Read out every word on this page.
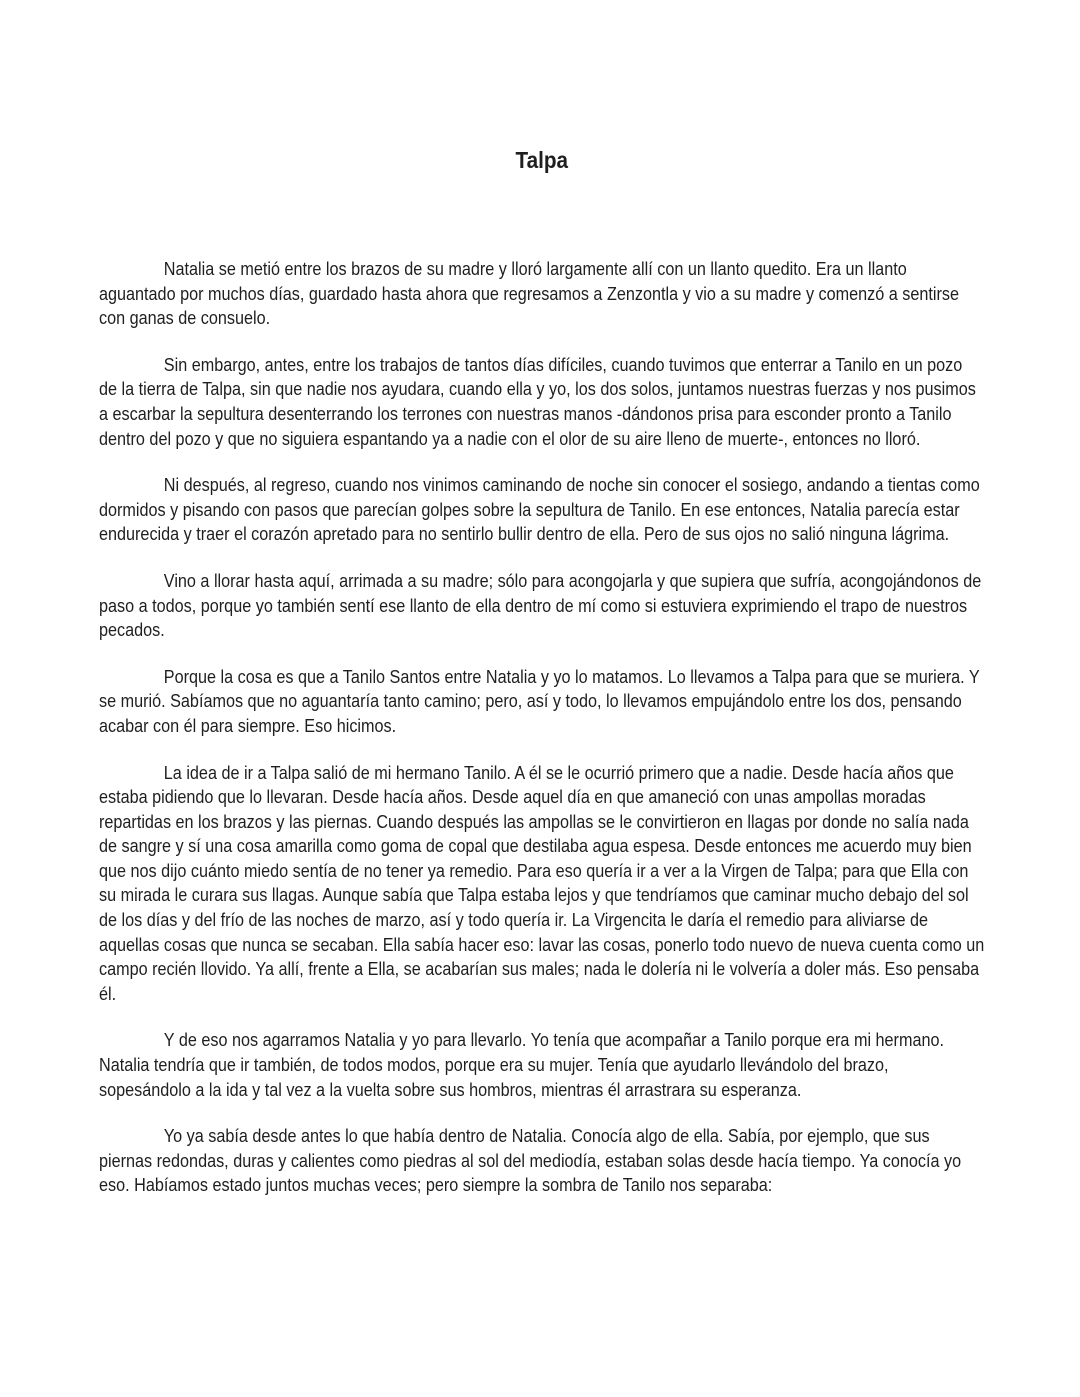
Talpa

Natalia se metió entre los brazos de su madre y lloró largamente allí con un llanto quedito. Era un llanto aguantado por muchos días, guardado hasta ahora que regresamos a Zenzontla y vio a su madre y comenzó a sentirse con ganas de consuelo.

Sin embargo, antes, entre los trabajos de tantos días difíciles, cuando tuvimos que enterrar a Tanilo en un pozo de la tierra de Talpa, sin que nadie nos ayudara, cuando ella y yo, los dos solos, juntamos nuestras fuerzas y nos pusimos a escarbar la sepultura desenterrando los terrones con nuestras manos -dándonos prisa para esconder pronto a Tanilo dentro del pozo y que no siguiera espantando ya a nadie con el olor de su aire lleno de muerte-, entonces no lloró.

Ni después, al regreso, cuando nos vinimos caminando de noche sin conocer el sosiego, andando a tientas como dormidos y pisando con pasos que parecían golpes sobre la sepultura de Tanilo. En ese entonces, Natalia parecía estar endurecida y traer el corazón apretado para no sentirlo bullir dentro de ella. Pero de sus ojos no salió ninguna lágrima.

Vino a llorar hasta aquí, arrimada a su madre; sólo para acongojarla y que supiera que sufría, acongojándonos de paso a todos, porque yo también sentí ese llanto de ella dentro de mí como si estuviera exprimiendo el trapo de nuestros pecados.

Porque la cosa es que a Tanilo Santos entre Natalia y yo lo matamos. Lo llevamos a Talpa para que se muriera. Y se murió. Sabíamos que no aguantaría tanto camino; pero, así y todo, lo llevamos empujándolo entre los dos, pensando acabar con él para siempre. Eso hicimos.

La idea de ir a Talpa salió de mi hermano Tanilo. A él se le ocurrió primero que a nadie. Desde hacía años que estaba pidiendo que lo llevaran. Desde hacía años. Desde aquel día en que amaneció con unas ampollas moradas repartidas en los brazos y las piernas. Cuando después las ampollas se le convirtieron en llagas por donde no salía nada de sangre y sí una cosa amarilla como goma de copal que destilaba agua espesa. Desde entonces me acuerdo muy bien que nos dijo cuánto miedo sentía de no tener ya remedio. Para eso quería ir a ver a la Virgen de Talpa; para que Ella con su mirada le curara sus llagas. Aunque sabía que Talpa estaba lejos y que tendríamos que caminar mucho debajo del sol de los días y del frío de las noches de marzo, así y todo quería ir. La Virgencita le daría el remedio para aliviarse de aquellas cosas que nunca se secaban. Ella sabía hacer eso: lavar las cosas, ponerlo todo nuevo de nueva cuenta como un campo recién llovido. Ya allí, frente a Ella, se acabarían sus males; nada le dolería ni le volvería a doler más. Eso pensaba él.

Y de eso nos agarramos Natalia y yo para llevarlo. Yo tenía que acompañar a Tanilo porque era mi hermano. Natalia tendría que ir también, de todos modos, porque era su mujer. Tenía que ayudarlo llevándolo del brazo, sopesándolo a la ida y tal vez a la vuelta sobre sus hombros, mientras él arrastrara su esperanza.

Yo ya sabía desde antes lo que había dentro de Natalia. Conocía algo de ella. Sabía, por ejemplo, que sus piernas redondas, duras y calientes como piedras al sol del mediodía, estaban solas desde hacía tiempo. Ya conocía yo eso. Habíamos estado juntos muchas veces; pero siempre la sombra de Tanilo nos separaba:
